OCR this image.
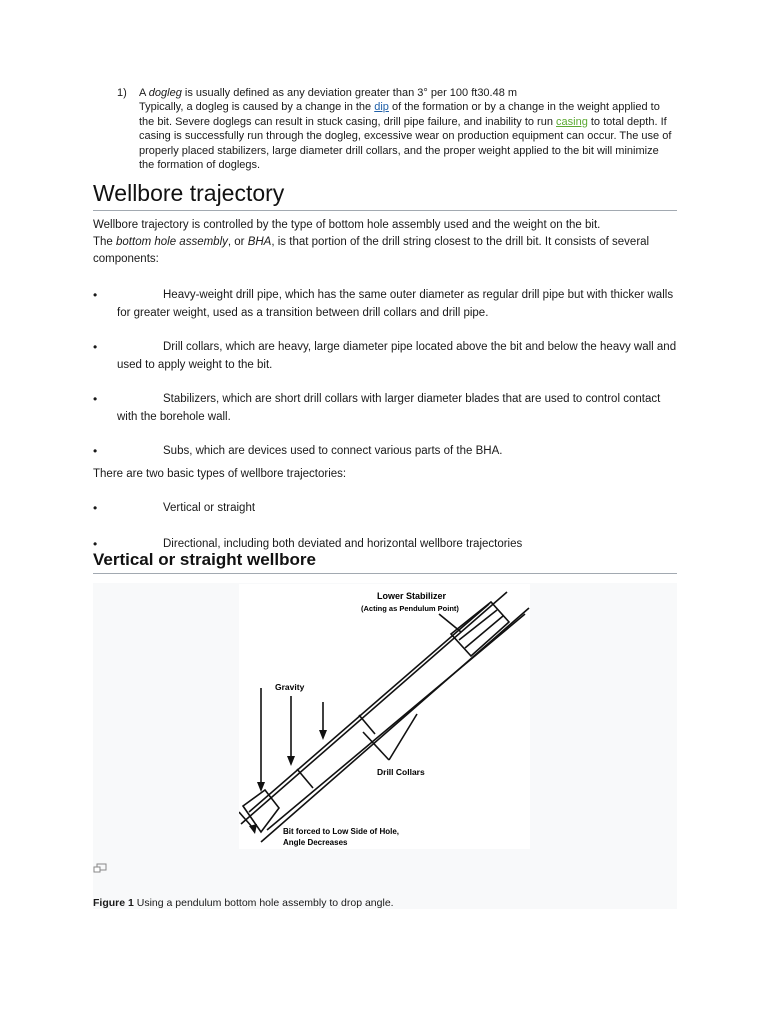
1) A dogleg is usually defined as any deviation greater than 3° per 100 ft30.48 m
Typically, a dogleg is caused by a change in the dip of the formation or by a change in the weight applied to the bit. Severe doglegs can result in stuck casing, drill pipe failure, and inability to run casing to total depth. If casing is successfully run through the dogleg, excessive wear on production equipment can occur. The use of properly placed stabilizers, large diameter drill collars, and the proper weight applied to the bit will minimize the formation of doglegs.
Wellbore trajectory
Wellbore trajectory is controlled by the type of bottom hole assembly used and the weight on the bit.
The bottom hole assembly, or BHA, is that portion of the drill string closest to the drill bit. It consists of several components:
•	Heavy-weight drill pipe, which has the same outer diameter as regular drill pipe but with thicker walls for greater weight, used as a transition between drill collars and drill pipe.
•	Drill collars, which are heavy, large diameter pipe located above the bit and below the heavy wall and used to apply weight to the bit.
•	Stabilizers, which are short drill collars with larger diameter blades that are used to control contact with the borehole wall.
•	Subs, which are devices used to connect various parts of the BHA.
There are two basic types of wellbore trajectories:
•	Vertical or straight
•	Directional, including both deviated and horizontal wellbore trajectories
Vertical or straight wellbore
Lower Stabilizer
(Acting as Pendulum Point)
Gravity
Drill Collars
Bit forced to Low Side of Hole,
Angle Decreases
Figure 1 Using a pendulum bottom hole assembly to drop angle.
